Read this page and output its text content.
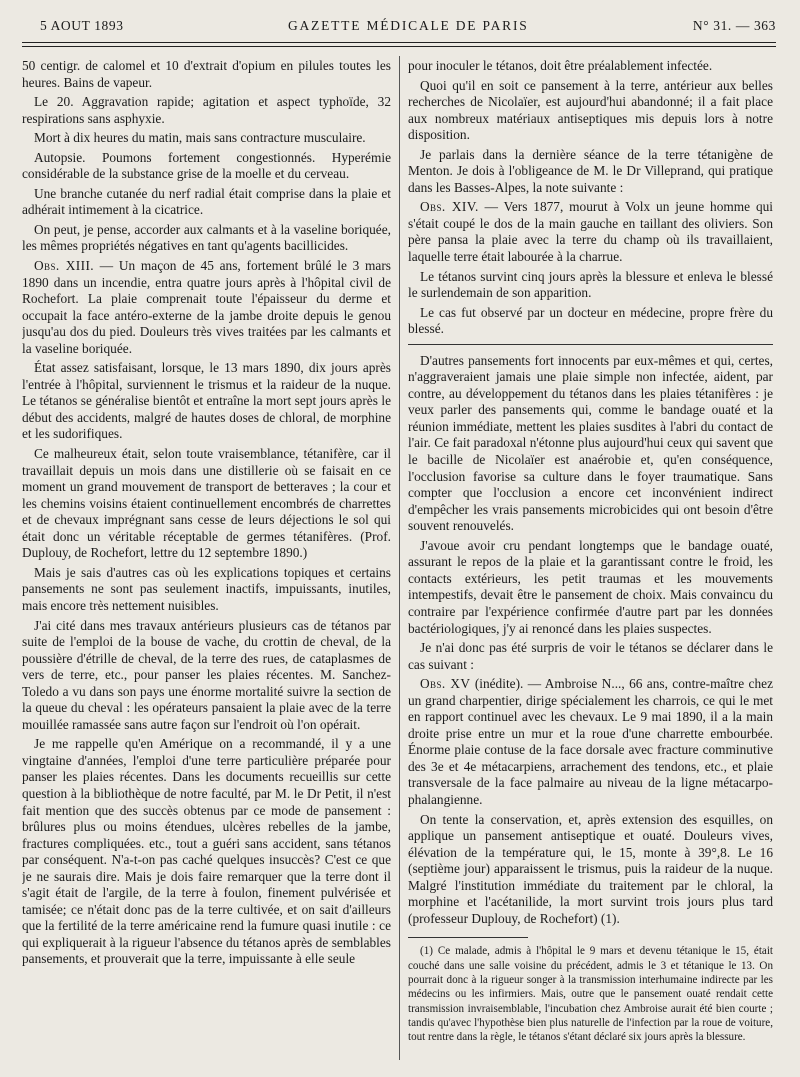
5 AOUT 1893	GAZETTE MÉDICALE DE PARIS	N° 31. — 363

50 centigr. de calomel et 10 d'extrait d'opium en pilules toutes les heures. Bains de vapeur.

Le 20. Aggravation rapide; agitation et aspect typhoïde, 32 respirations sans asphyxie.

Mort à dix heures du matin, mais sans contracture musculaire.

Autopsie. Poumons fortement congestionnés. Hyperémie considérable de la substance grise de la moelle et du cerveau.

Une branche cutanée du nerf radial était comprise dans la plaie et adhérait intimement à la cicatrice.

On peut, je pense, accorder aux calmants et à la vaseline boriquée, les mêmes propriétés négatives en tant qu'agents bacillicides.

Obs. XIII. — Un maçon de 45 ans, fortement brûlé le 3 mars 1890 dans un incendie, entra quatre jours après à l'hôpital civil de Rochefort. La plaie comprenait toute l'épaisseur du derme et occupait la face antéro-externe de la jambe droite depuis le genou jusqu'au dos du pied. Douleurs très vives traitées par les calmants et la vaseline boriquée.

État assez satisfaisant, lorsque, le 13 mars 1890, dix jours après l'entrée à l'hôpital, surviennent le trismus et la raideur de la nuque. Le tétanos se généralise bientôt et entraîne la mort sept jours après le début des accidents, malgré de hautes doses de chloral, de morphine et les sudorifiques.

Ce malheureux était, selon toute vraisemblance, tétanifère, car il travaillait depuis un mois dans une distillerie où se faisait en ce moment un grand mouvement de transport de betteraves ; la cour et les chemins voisins étaient continuellement encombrés de charrettes et de chevaux imprégnant sans cesse de leurs déjections le sol qui était donc un véritable réceptable de germes tétanifères. (Prof. Duplouy, de Rochefort, lettre du 12 septembre 1890.)

Mais je sais d'autres cas où les explications topiques et certains pansements ne sont pas seulement inactifs, impuissants, inutiles, mais encore très nettement nuisibles.

J'ai cité dans mes travaux antérieurs plusieurs cas de tétanos par suite de l'emploi de la bouse de vache, du crottin de cheval, de la poussière d'étrille de cheval, de la terre des rues, de cataplasmes de vers de terre, etc., pour panser les plaies récentes. M. Sanchez-Toledo a vu dans son pays une énorme mortalité suivre la section de la queue du cheval : les opérateurs pansaient la plaie avec de la terre mouillée ramassée sans autre façon sur l'endroit où l'on opérait.

Je me rappelle qu'en Amérique on a recommandé, il y a une vingtaine d'années, l'emploi d'une terre particulière préparée pour panser les plaies récentes. Dans les documents recueillis sur cette question à la bibliothèque de notre faculté, par M. le Dr Petit, il n'est fait mention que des succès obtenus par ce mode de pansement : brûlures plus ou moins étendues, ulcères rebelles de la jambe, fractures compliquées. etc., tout a guéri sans accident, sans tétanos par conséquent. N'a-t-on pas caché quelques insuccès? C'est ce que je ne saurais dire. Mais je dois faire remarquer que la terre dont il s'agit était de l'argile, de la terre à foulon, finement pulvérisée et tamisée; ce n'était donc pas de la terre cultivée, et on sait d'ailleurs que la fertilité de la terre américaine rend la fumure quasi inutile : ce qui expliquerait à la rigueur l'absence du tétanos après de semblables pansements, et prouverait que la terre, impuissante à elle seule

pour inoculer le tétanos, doit être préalablement infectée.

Quoi qu'il en soit ce pansement à la terre, antérieur aux belles recherches de Nicolaïer, est aujourd'hui abandonné; il a fait place aux nombreux matériaux antiseptiques mis depuis lors à notre disposition.

Je parlais dans la dernière séance de la terre tétanigène de Menton. Je dois à l'obligeance de M. le Dr Villeprand, qui pratique dans les Basses-Alpes, la note suivante :

Obs. XIV. — Vers 1877, mourut à Volx un jeune homme qui s'était coupé le dos de la main gauche en taillant des oliviers. Son père pansa la plaie avec la terre du champ où ils travaillaient, laquelle terre était labourée à la charrue.

Le tétanos survint cinq jours après la blessure et enleva le blessé le surlendemain de son apparition.

Le cas fut observé par un docteur en médecine, propre frère du blessé.

D'autres pansements fort innocents par eux-mêmes et qui, certes, n'aggraveraient jamais une plaie simple non infectée, aident, par contre, au développement du tétanos dans les plaies tétanifères : je veux parler des pansements qui, comme le bandage ouaté et la réunion immédiate, mettent les plaies susdites à l'abri du contact de l'air. Ce fait paradoxal n'étonne plus aujourd'hui ceux qui savent que le bacille de Nicolaïer est anaérobie et, qu'en conséquence, l'occlusion favorise sa culture dans le foyer traumatique. Sans compter que l'occlusion a encore cet inconvénient indirect d'empêcher les vrais pansements microbicides qui ont besoin d'être souvent renouvelés.

J'avoue avoir cru pendant longtemps que le bandage ouaté, assurant le repos de la plaie et la garantissant contre le froid, les contacts extérieurs, les petit traumas et les mouvements intempestifs, devait être le pansement de choix. Mais convaincu du contraire par l'expérience confirmée d'autre part par les données bactériologiques, j'y ai renoncé dans les plaies suspectes.

Je n'ai donc pas été surpris de voir le tétanos se déclarer dans le cas suivant :

Obs. XV (inédite). — Ambroise N..., 66 ans, contre-maître chez un grand charpentier, dirige spécialement les charrois, ce qui le met en rapport continuel avec les chevaux. Le 9 mai 1890, il a la main droite prise entre un mur et la roue d'une charrette embourbée. Énorme plaie contuse de la face dorsale avec fracture comminutive des 3e et 4e métacarpiens, arrachement des tendons, etc., et plaie transversale de la face palmaire au niveau de la ligne métacarpo- phalangienne.

On tente la conservation, et, après extension des esquilles, on applique un pansement antiseptique et ouaté. Douleurs vives, élévation de la température qui, le 15, monte à 39°,8. Le 16 (septième jour) apparaissent le trismus, puis la raideur de la nuque. Malgré l'institution immédiate du traitement par le chloral, la morphine et l'acétanilide, la mort survint trois jours plus tard (professeur Duplouy, de Rochefort) (1).

(1) Ce malade, admis à l'hôpital le 9 mars et devenu tétanique le 15, était couché dans une salle voisine du précédent, admis le 3 et tétanique le 13. On pourrait donc à la rigueur songer à la transmission interhumaine indirecte par les médecins ou les infirmiers. Mais, outre que le pansement ouaté rendait cette transmission invraisemblable, l'incubation chez Ambroise aurait été bien courte ; tandis qu'avec l'hypothèse bien plus naturelle de l'infection par la roue de voiture, tout rentre dans la règle, le tétanos s'étant déclaré six jours après la blessure.
